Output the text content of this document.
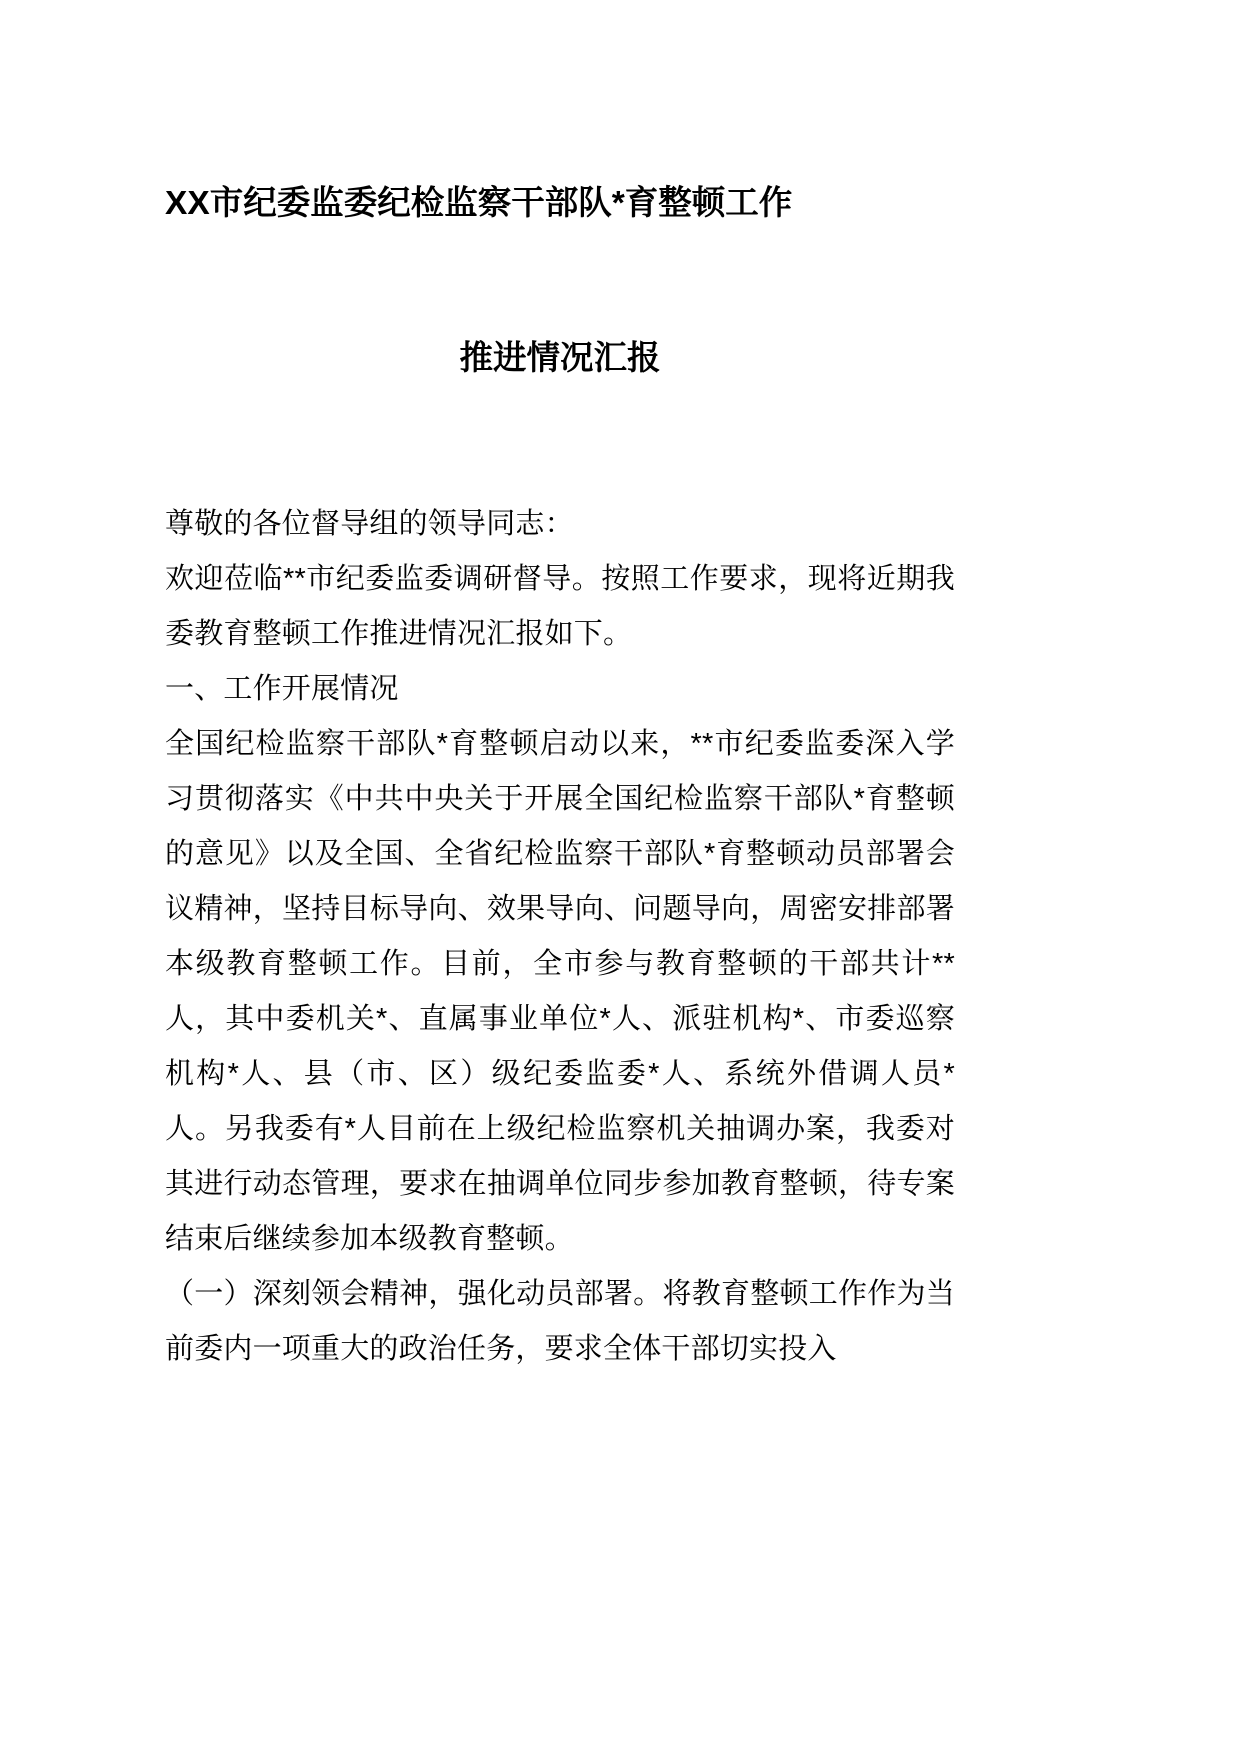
XX市纪委监委纪检监察干部队*育整顿工作
推进情况汇报

尊敬的各位督导组的领导同志：

欢迎莅临**市纪委监委调研督导。按照工作要求，现将近期我委教育整顿工作推进情况汇报如下。

一、工作开展情况

全国纪检监察干部队*育整顿启动以来，**市纪委监委深入学习贯彻落实《中共中央关于开展全国纪检监察干部队*育整顿的意见》以及全国、全省纪检监察干部队*育整顿动员部署会议精神，坚持目标导向、效果导向、问题导向，周密安排部署本级教育整顿工作。目前，全市参与教育整顿的干部共计**人，其中委机关*、直属事业单位*人、派驻机构*、市委巡察机构*人、县（市、区）级纪委监委*人、系统外借调人员*人。另我委有*人目前在上级纪检监察机关抽调办案，我委对其进行动态管理，要求在抽调单位同步参加教育整顿，待专案结束后继续参加本级教育整顿。

（一）深刻领会精神，强化动员部署。将教育整顿工作作为当前委内一项重大的政治任务，要求全体干部切实投入
